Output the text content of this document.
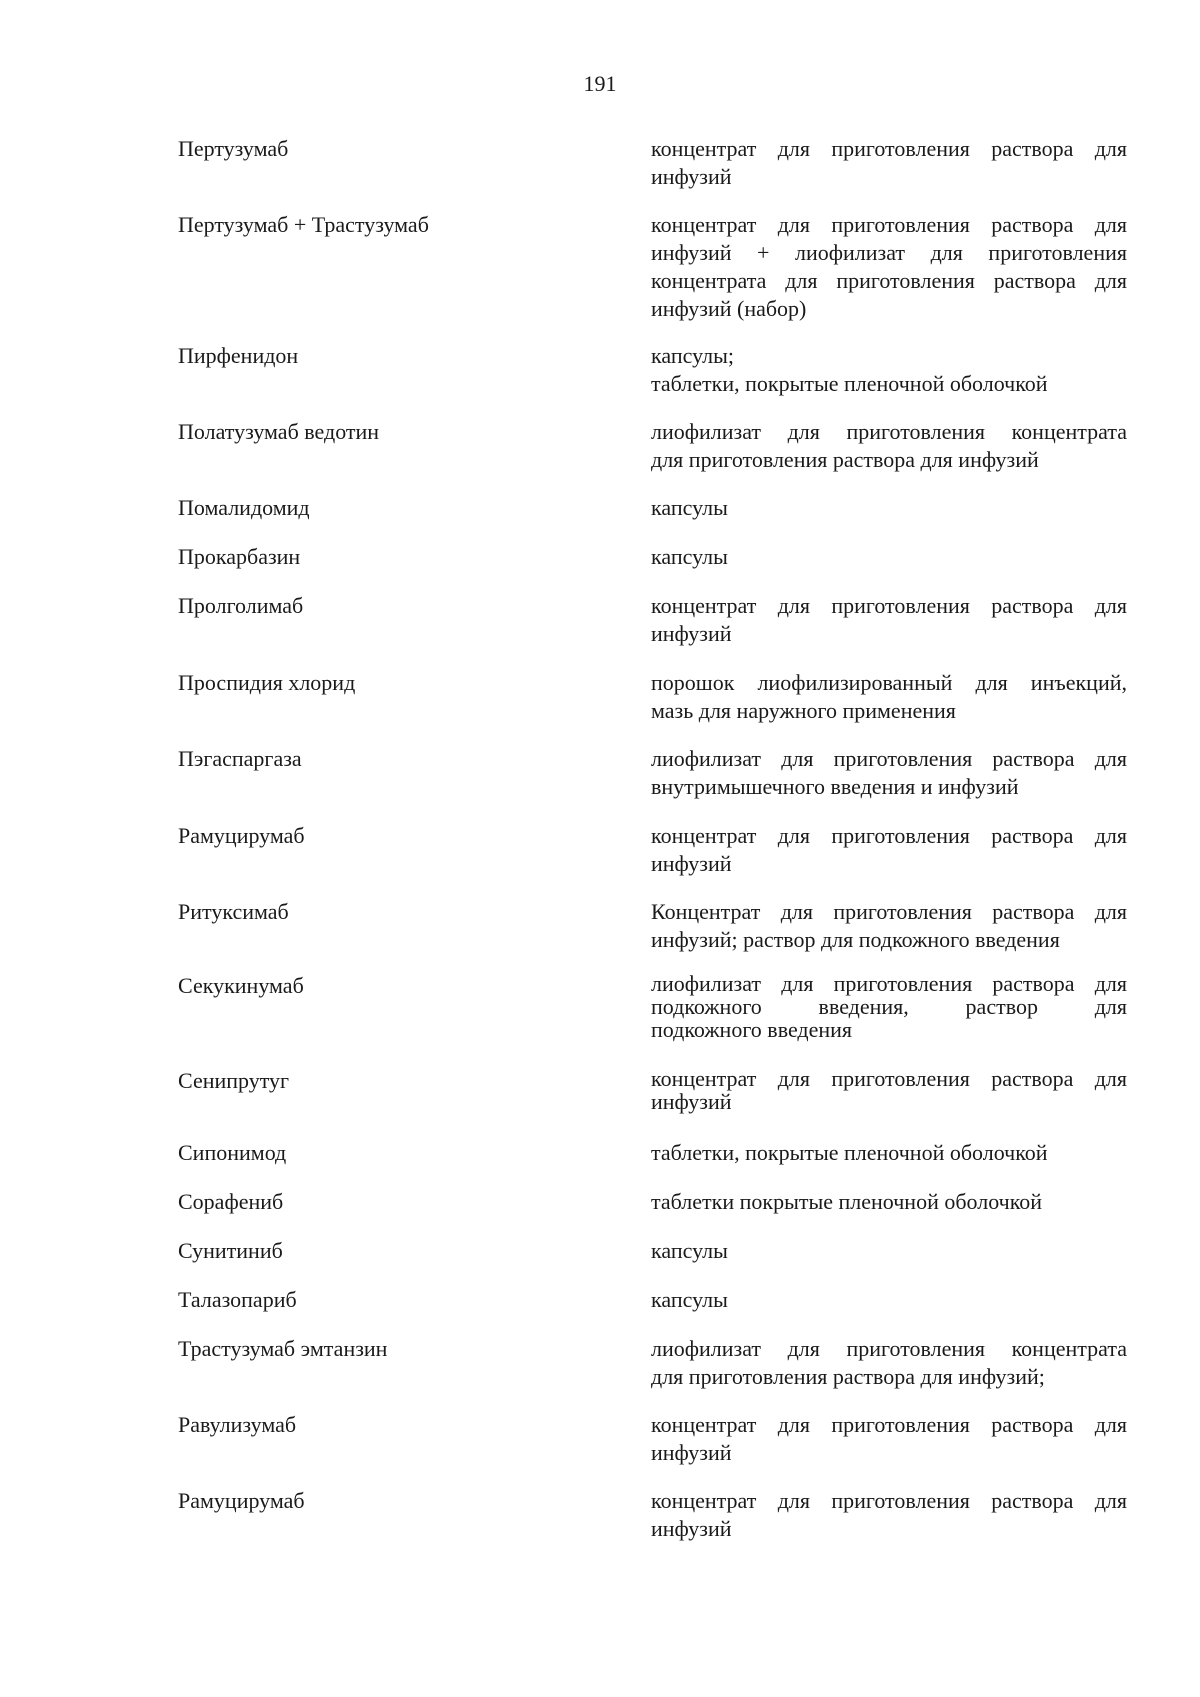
191
Пертузумаб	концентрат для приготовления раствора для
инфузий
Пертузумаб + Трастузумаб	концентрат для приготовления раствора для
инфузий + лиофилизат для приготовления
концентрата для приготовления раствора для
инфузий (набор)
Пирфенидон	капсулы;
таблетки, покрытые пленочной оболочкой
Полатузумаб ведотин	лиофилизат для приготовления концентрата
для приготовления раствора для инфузий
Помалидомид	капсулы
Прокарбазин	капсулы
Пролголимаб	концентрат для приготовления раствора для
инфузий
Проспидия хлорид	порошок лиофилизированный для инъекций,
мазь для наружного применения
Пэгаспаргаза	лиофилизат для приготовления раствора для
внутримышечного введения и инфузий
Рамуцирумаб	концентрат для приготовления раствора для
инфузий
Ритуксимаб	Концентрат для приготовления раствора для
инфузий; раствор для подкожного введения
Секукинумаб	лиофилизат для приготовления раствора для
подкожного введения, раствор для
подкожного введения
Сенипрутуг	концентрат для приготовления раствора для
инфузий
Сипонимод	таблетки, покрытые пленочной оболочкой
Сорафениб	таблетки покрытые пленочной оболочкой
Сунитиниб	капсулы
Талазопариб	капсулы
Трастузумаб эмтанзин	лиофилизат для приготовления концентрата
для приготовления раствора для инфузий;
Равулизумаб	концентрат для приготовления раствора для
инфузий
Рамуцирумаб	концентрат для приготовления раствора для
инфузий
